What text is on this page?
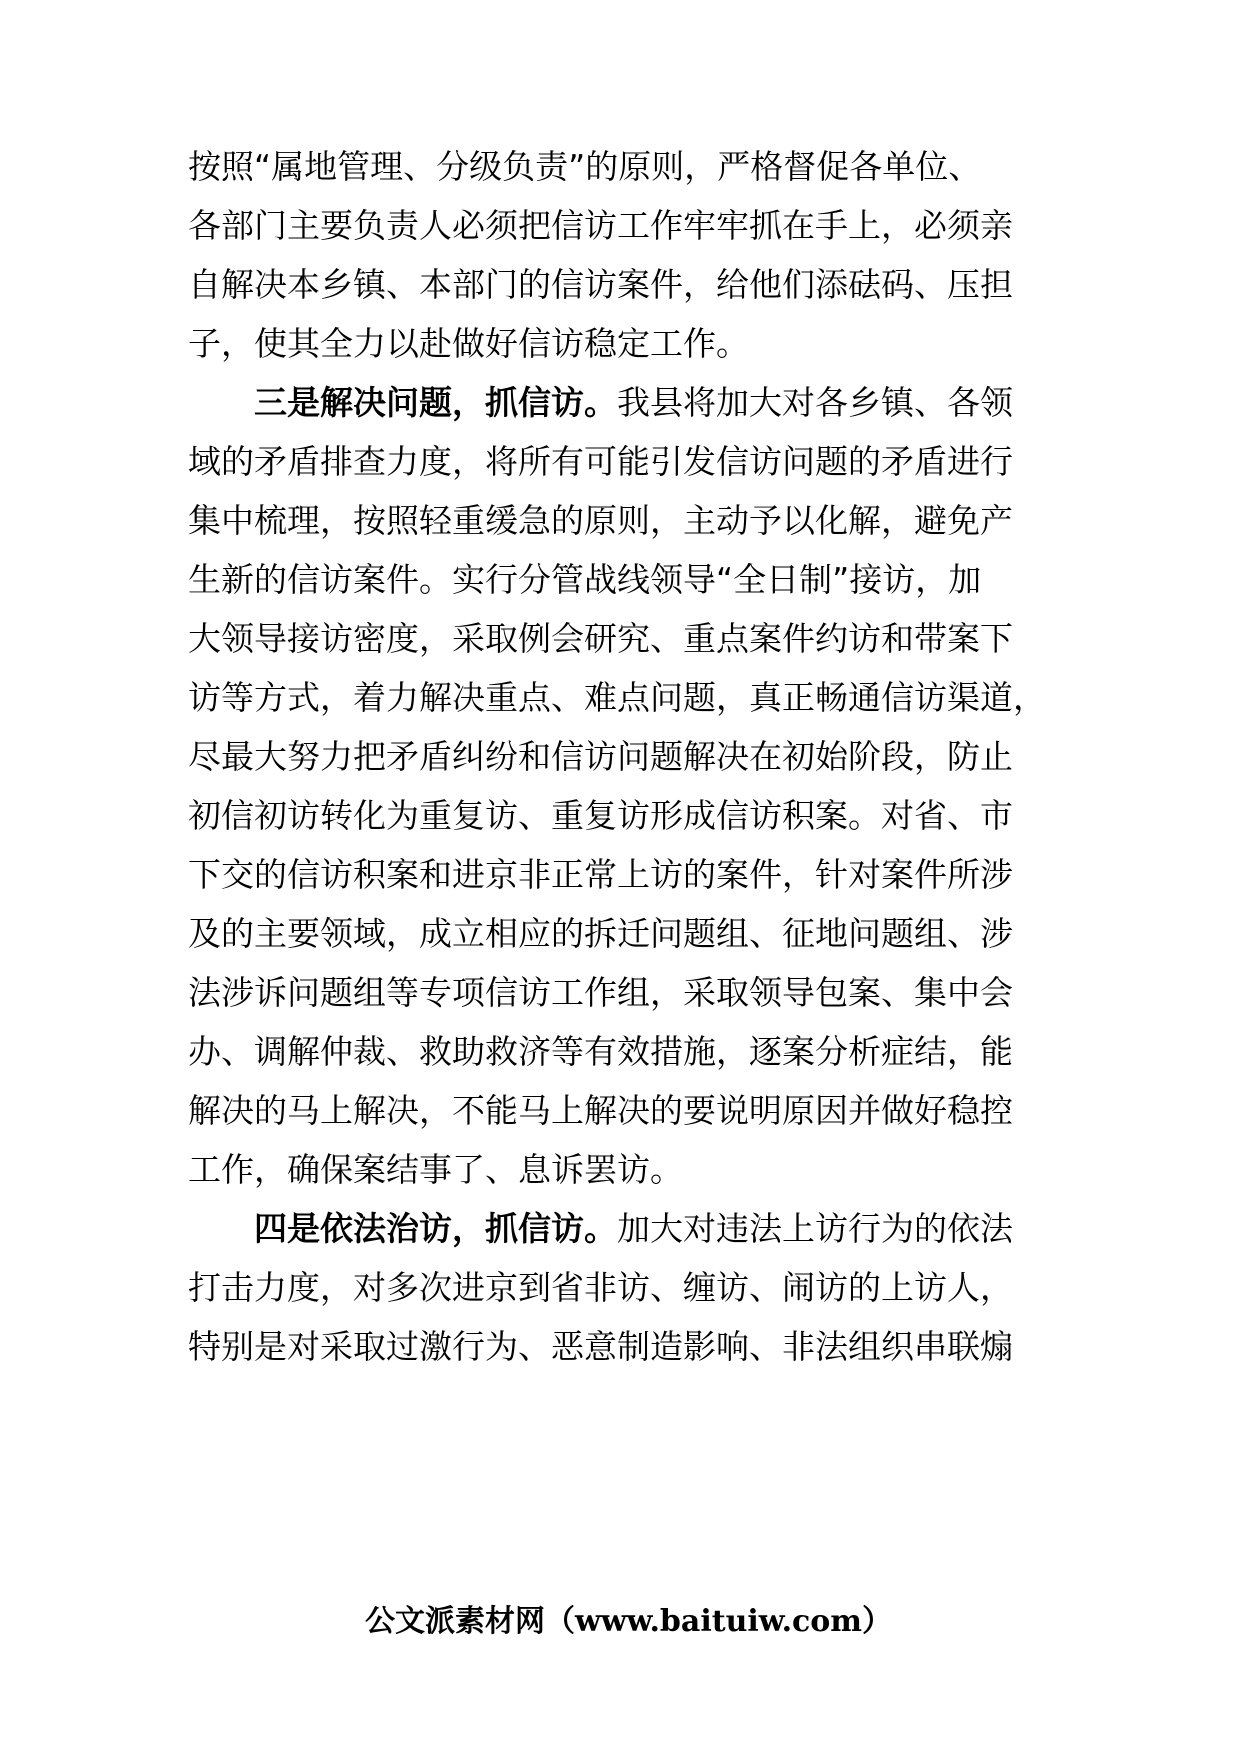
按照“属地管理、分级负责”的原则，严格督促各单位、
各部门主要负责人必须把信访工作牢牢抓在手上，必须亲
自解决本乡镇、本部门的信访案件，给他们添砝码、压担
子，使其全力以赴做好信访稳定工作。
三是解决问题，抓信访。我县将加大对各乡镇、各领
域的矛盾排查力度，将所有可能引发信访问题的矛盾进行
集中梳理，按照轻重缓急的原则，主动予以化解，避免产
生新的信访案件。实行分管战线领导“全日制”接访，加
大领导接访密度，采取例会研究、重点案件约访和带案下
访等方式，着力解决重点、难点问题，真正畅通信访渠道，
尽最大努力把矛盾纠纷和信访问题解决在初始阶段，防止
初信初访转化为重复访、重复访形成信访积案。对省、市
下交的信访积案和进京非正常上访的案件，针对案件所涉
及的主要领域，成立相应的拆迁问题组、征地问题组、涉
法涉诉问题组等专项信访工作组，采取领导包案、集中会
办、调解仲裁、救助救济等有效措施，逐案分析症结，能
解决的马上解决，不能马上解决的要说明原因并做好稳控
工作，确保案结事了、息诉罢访。
四是依法治访，抓信访。加大对违法上访行为的依法
打击力度，对多次进京到省非访、缠访、闹访的上访人，
特别是对采取过激行为、恶意制造影响、非法组织串联煽
公文派素材网（www.baituiw.com）
